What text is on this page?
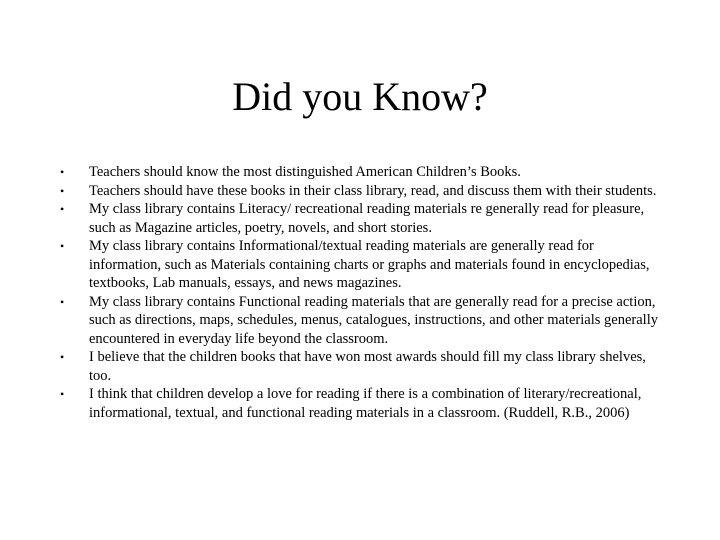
Did you Know?
• Teachers should know the most distinguished American Children’s Books.
• Teachers should have these books in their class library, read, and discuss them with their students.
• My class library contains Literacy/ recreational reading materials re generally read for pleasure, such as Magazine articles, poetry, novels, and short stories.
• My class library contains Informational/textual reading materials are generally read for information, such as Materials containing charts or graphs and materials found in encyclopedias, textbooks, Lab manuals, essays, and news magazines.
• My class library contains Functional reading materials that are generally read for a precise action, such as directions, maps, schedules, menus, catalogues, instructions, and other materials generally encountered in everyday life beyond the classroom.
• I believe that the children books that have won most awards should fill my class library shelves, too.
• I think that children develop a love for reading if there is a combination of literary/recreational, informational, textual, and functional reading materials in a classroom. (Ruddell, R.B., 2006)
